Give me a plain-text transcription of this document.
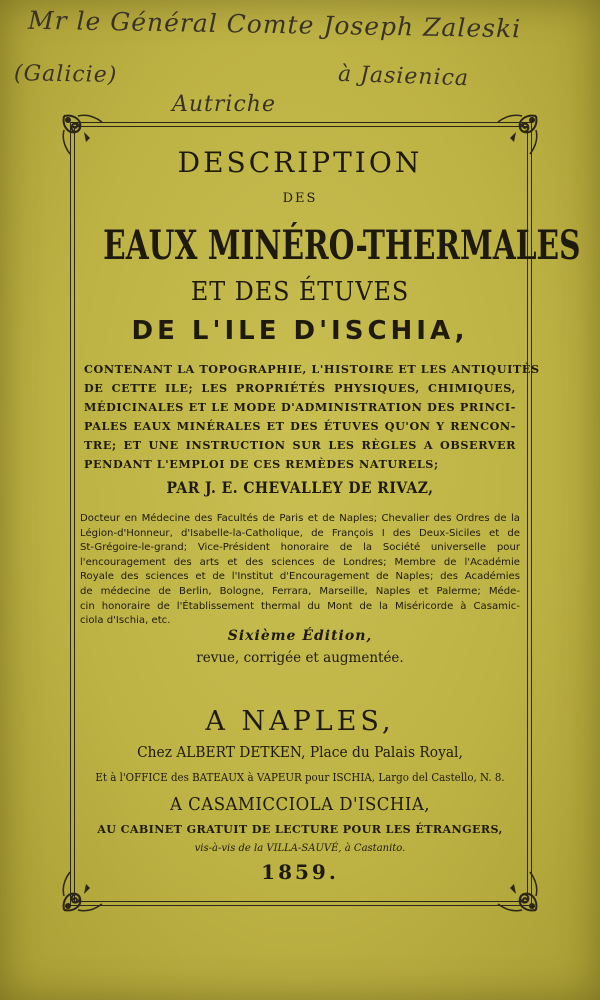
Mr le Général Comte Joseph Zaleski
(Galicie)	à Jasienica
Autriche
DESCRIPTION
DES
EAUX MINÉRO-THERMALES
ET DES ÉTUVES
DE L'ILE D'ISCHIA,
CONTENANT LA TOPOGRAPHIE, L'HISTOIRE ET LES ANTIQUITÉS
DE CETTE ILE; LES PROPRIÉTÉS PHYSIQUES, CHIMIQUES,
MÉDICINALES ET LE MODE D'ADMINISTRATION DES PRINCI-
PALES EAUX MINÉRALES ET DES ÉTUVES QU'ON Y RENCON-
TRE; ET UNE INSTRUCTION SUR LES RÈGLES A OBSERVER
PENDANT L'EMPLOI DE CES REMÈDES NATURELS;
PAR J. E. CHEVALLEY DE RIVAZ,
Docteur en Médecine des Facultés de Paris et de Naples; Chevalier des Ordres de la
Légion-d'Honneur, d'Isabelle-la-Catholique, de François I des Deux-Siciles et de
St-Grégoire-le-grand; Vice-Président honoraire de la Société universelle pour
l'encouragement des arts et des sciences de Londres; Membre de l'Académie
Royale des sciences et de l'Institut d'Encouragement de Naples; des Académies
de médecine de Berlin, Bologne, Ferrara, Marseille, Naples et Palerme; Méde-
cin honoraire de l'Établissement thermal du Mont de la Miséricorde à Casamic-
ciola d'Ischia, etc.
Sixième Édition,
revue, corrigée et augmentée.
A NAPLES,
Chez ALBERT DETKEN, Place du Palais Royal,
Et à l'OFFICE des BATEAUX à VAPEUR pour ISCHIA, Largo del Castello, N. 8.
A CASAMICCIOLA D'ISCHIA,
AU CABINET GRATUIT DE LECTURE POUR LES ÉTRANGERS,
vis-à-vis de la VILLA-SAUVÉ, à Castanito.
1859.
